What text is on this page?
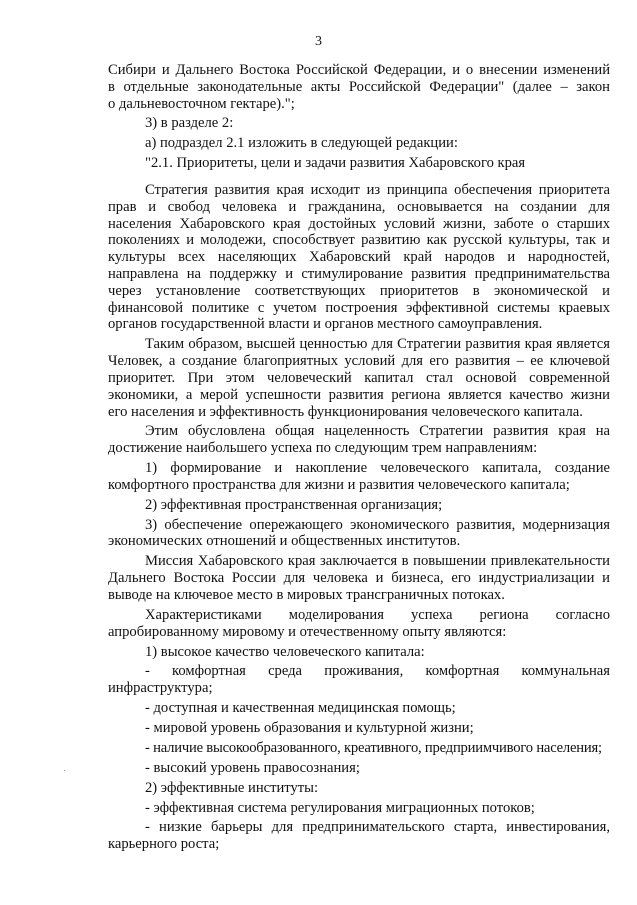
3
Сибири и Дальнего Востока Российской Федерации, и о внесении изменений
в отдельные законодательные акты Российской Федерации" (далее – закон
о дальневосточном гектаре).";
3) в разделе 2:
а) подраздел 2.1 изложить в следующей редакции:
"2.1. Приоритеты, цели и задачи развития Хабаровского края
Стратегия развития края исходит из принципа обеспечения приоритета
прав и свобод человека и гражданина, основывается на создании для
населения Хабаровского края достойных условий жизни, заботе о старших
поколениях и молодежи, способствует развитию как русской культуры, так и
культуры всех населяющих Хабаровский край народов и народностей,
направлена на поддержку и стимулирование развития предпринимательства
через установление соответствующих приоритетов в экономической и
финансовой политике с учетом построения эффективной системы краевых
органов государственной власти и органов местного самоуправления.
Таким образом, высшей ценностью для Стратегии развития края является
Человек, а создание благоприятных условий для его развития – ее ключевой
приоритет. При этом человеческий капитал стал основой современной
экономики, а мерой успешности развития региона является качество жизни
его населения и эффективность функционирования человеческого капитала.
Этим обусловлена общая нацеленность Стратегии развития края на
достижение наибольшего успеха по следующим трем направлениям:
1) формирование и накопление человеческого капитала, создание
комфортного пространства для жизни и развития человеческого капитала;
2) эффективная пространственная организация;
3) обеспечение опережающего экономического развития, модернизация
экономических отношений и общественных институтов.
Миссия Хабаровского края заключается в повышении привлекательности
Дальнего Востока России для человека и бизнеса, его индустриализации и
выводе на ключевое место в мировых трансграничных потоках.
Характеристиками моделирования успеха региона согласно
апробированному мировому и отечественному опыту являются:
1) высокое качество человеческого капитала:
- комфортная среда проживания, комфортная коммунальная
инфраструктура;
- доступная и качественная медицинская помощь;
- мировой уровень образования и культурной жизни;
- наличие высокообразованного, креативного, предприимчивого населения;
- высокий уровень правосознания;
2) эффективные институты:
- эффективная система регулирования миграционных потоков;
- низкие барьеры для предпринимательского старта, инвестирования,
карьерного роста;
